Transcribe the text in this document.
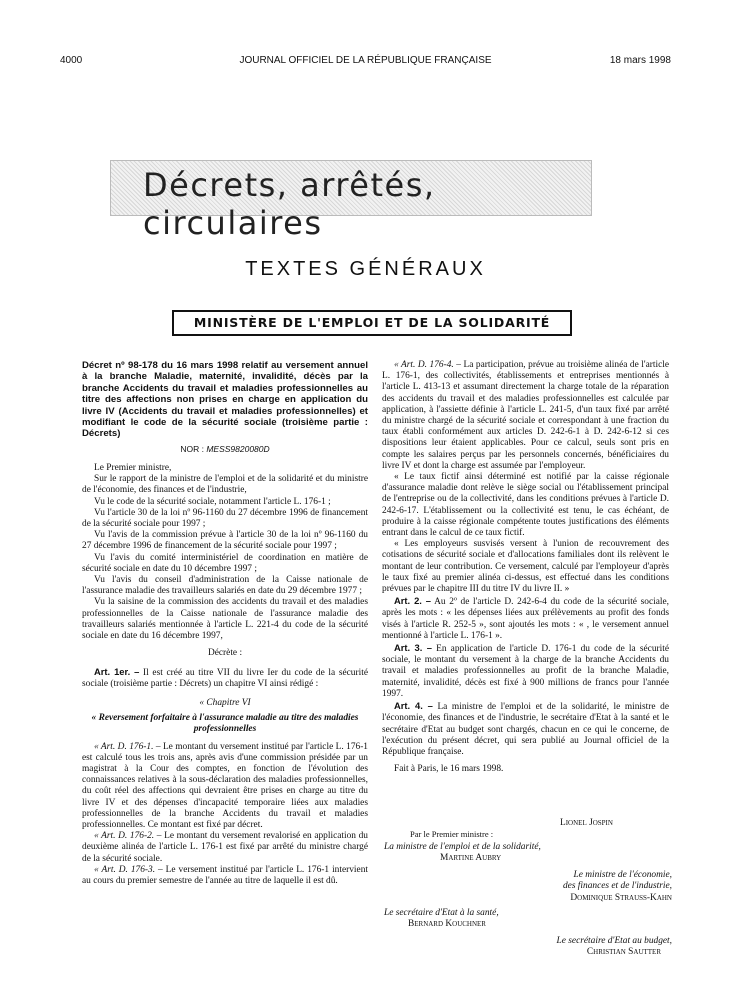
4000	JOURNAL OFFICIEL DE LA RÉPUBLIQUE FRANÇAISE	18 mars 1998
Décrets, arrêtés, circulaires
TEXTES GÉNÉRAUX
MINISTÈRE DE L'EMPLOI ET DE LA SOLIDARITÉ

Décret nº 98-178 du 16 mars 1998 relatif au versement annuel à la branche Maladie, maternité, invalidité, décès par la branche Accidents du travail et maladies professionnelles au titre des affections non prises en charge en application du livre IV (Accidents du travail et maladies professionnelles) et modifiant le code de la sécurité sociale (troisième partie : Décrets)

NOR : MESS9820080D

Le Premier ministre,

Sur le rapport de la ministre de l'emploi et de la solidarité et du ministre de l'économie, des finances et de l'industrie,

Vu le code de la sécurité sociale, notamment l'article L. 176-1 ;

Vu l'article 30 de la loi nº 96-1160 du 27 décembre 1996 de financement de la sécurité sociale pour 1997 ;

Vu l'avis de la commission prévue à l'article 30 de la loi nº 96-1160 du 27 décembre 1996 de financement de la sécurité sociale pour 1997 ;

Vu l'avis du comité interministériel de coordination en matière de sécurité sociale en date du 10 décembre 1997 ;

Vu l'avis du conseil d'administration de la Caisse nationale de l'assurance maladie des travailleurs salariés en date du 29 décembre 1977 ;

Vu la saisine de la commission des accidents du travail et des maladies professionnelles de la Caisse nationale de l'assurance maladie des travailleurs salariés mentionnée à l'article L. 221-4 du code de la sécurité sociale en date du 16 décembre 1997,

Décrète :

Art. 1er. – Il est créé au titre VII du livre Ier du code de la sécurité sociale (troisième partie : Décrets) un chapitre VI ainsi rédigé :

« Chapitre VI

« Reversement forfaitaire à l'assurance maladie au titre des maladies professionnelles

« Art. D. 176-1. – Le montant du versement institué par l'article L. 176-1 est calculé tous les trois ans, après avis d'une commission présidée par un magistrat à la Cour des comptes, en fonction de l'évolution des connaissances relatives à la sous-déclaration des maladies professionnelles, du coût réel des affections qui devraient être prises en charge au titre du livre IV et des dépenses d'incapacité temporaire liées aux maladies professionnelles de la branche Accidents du travail et maladies professionnelles. Ce montant est fixé par décret.

« Art. D. 176-2. – Le montant du versement revalorisé en application du deuxième alinéa de l'article L. 176-1 est fixé par arrêté du ministre chargé de la sécurité sociale.

« Art. D. 176-3. – Le versement institué par l'article L. 176-1 intervient au cours du premier semestre de l'année au titre de laquelle il est dû.

« Art. D. 176-4. – La participation, prévue au troisième alinéa de l'article L. 176-1, des collectivités, établissements et entreprises mentionnés à l'article L. 413-13 et assumant directement la charge totale de la réparation des accidents du travail et des maladies professionnelles est calculée par application, à l'assiette définie à l'article L. 241-5, d'un taux fixé par arrêté du ministre chargé de la sécurité sociale et correspondant à une fraction du taux établi conformément aux articles D. 242-6-1 à D. 242-6-12 si ces dispositions leur étaient applicables. Pour ce calcul, seuls sont pris en compte les salaires perçus par les personnels concernés, bénéficiaires du livre IV et dont la charge est assumée par l'employeur.

« Le taux fictif ainsi déterminé est notifié par la caisse régionale d'assurance maladie dont relève le siège social ou l'établissement principal de l'entreprise ou de la collectivité, dans les conditions prévues à l'article D. 242-6-17. L'établissement ou la collectivité est tenu, le cas échéant, de produire à la caisse régionale compétente toutes justifications des éléments entrant dans le calcul de ce taux fictif.

« Les employeurs susvisés versent à l'union de recouvrement des cotisations de sécurité sociale et d'allocations familiales dont ils relèvent le montant de leur contribution. Ce versement, calculé par l'employeur d'après le taux fixé au premier alinéa ci-dessus, est effectué dans les conditions prévues par le chapitre III du titre IV du livre II. »

Art. 2. – Au 2º de l'article D. 242-6-4 du code de la sécurité sociale, après les mots : « les dépenses liées aux prélèvements au profit des fonds visés à l'article R. 252-5 », sont ajoutés les mots : « , le versement annuel mentionné à l'article L. 176-1 ».

Art. 3. – En application de l'article D. 176-1 du code de la sécurité sociale, le montant du versement à la charge de la branche Accidents du travail et maladies professionnelles au profit de la branche Maladie, maternité, invalidité, décès est fixé à 900 millions de francs pour l'année 1997.

Art. 4. – La ministre de l'emploi et de la solidarité, le ministre de l'économie, des finances et de l'industrie, le secrétaire d'Etat à la santé et le secrétaire d'Etat au budget sont chargés, chacun en ce qui le concerne, de l'exécution du présent décret, qui sera publié au Journal officiel de la République française.

Fait à Paris, le 16 mars 1998.

Lionel Jospin
Par le Premier ministre :
La ministre de l'emploi et de la solidarité,
Martine Aubry
Le ministre de l'économie,
des finances et de l'industrie,
Dominique Strauss-Kahn
Le secrétaire d'Etat à la santé,
Bernard Kouchner
Le secrétaire d'Etat au budget,
Christian Sautter
